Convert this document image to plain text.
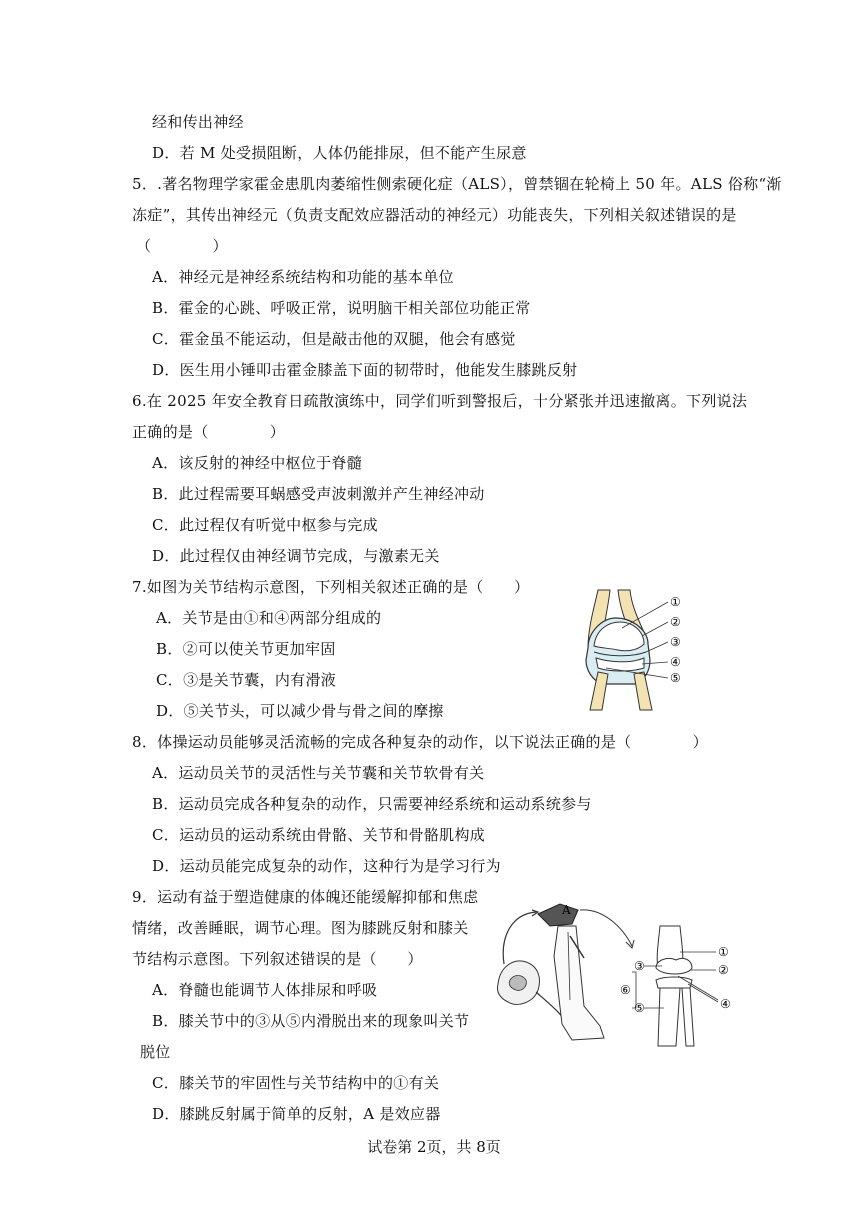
经和传出神经
D．若 M 处受损阻断，人体仍能排尿，但不能产生尿意
5．.著名物理学家霍金患肌肉萎缩性侧索硬化症（ALS），曾禁锢在轮椅上 50 年。ALS 俗称“渐
冻症”，其传出神经元（负责支配效应器活动的神经元）功能丧失，下列相关叙述错误的是
（　　　　）
A．神经元是神经系统结构和功能的基本单位
B．霍金的心跳、呼吸正常，说明脑干相关部位功能正常
C．霍金虽不能运动，但是敲击他的双腿，他会有感觉
D．医生用小锤叩击霍金膝盖下面的韧带时，他能发生膝跳反射
6.在 2025 年安全教育日疏散演练中，同学们听到警报后，十分紧张并迅速撤离。下列说法
正确的是（　　　　）
A．该反射的神经中枢位于脊髓
B．此过程需要耳蜗感受声波刺激并产生神经冲动
C．此过程仅有听觉中枢参与完成
D．此过程仅由神经调节完成，与激素无关
7.如图为关节结构示意图，下列相关叙述正确的是（　　）
A．关节是由①和④两部分组成的
B．②可以使关节更加牢固
C．③是关节囊，内有滑液
D．⑤关节头，可以减少骨与骨之间的摩擦
①
②
③
④
⑤
8．体操运动员能够灵活流畅的完成各种复杂的动作，以下说法正确的是（　　　　）
A．运动员关节的灵活性与关节囊和关节软骨有关
B．运动员完成各种复杂的动作，只需要神经系统和运动系统参与
C．运动员的运动系统由骨骼、关节和骨骼肌构成
D．运动员能完成复杂的动作，这种行为是学习行为
9．运动有益于塑造健康的体魄还能缓解抑郁和焦虑
情绪，改善睡眠，调节心理。图为膝跳反射和膝关
节结构示意图。下列叙述错误的是（　　）
A．脊髓也能调节人体排尿和呼吸
B．膝关节中的③从⑤内滑脱出来的现象叫关节
脱位
C．膝关节的牢固性与关节结构中的①有关
D．膝跳反射属于简单的反射，A 是效应器
A
①
②
④
③
⑥
⑤
试卷第 2页，共 8页
